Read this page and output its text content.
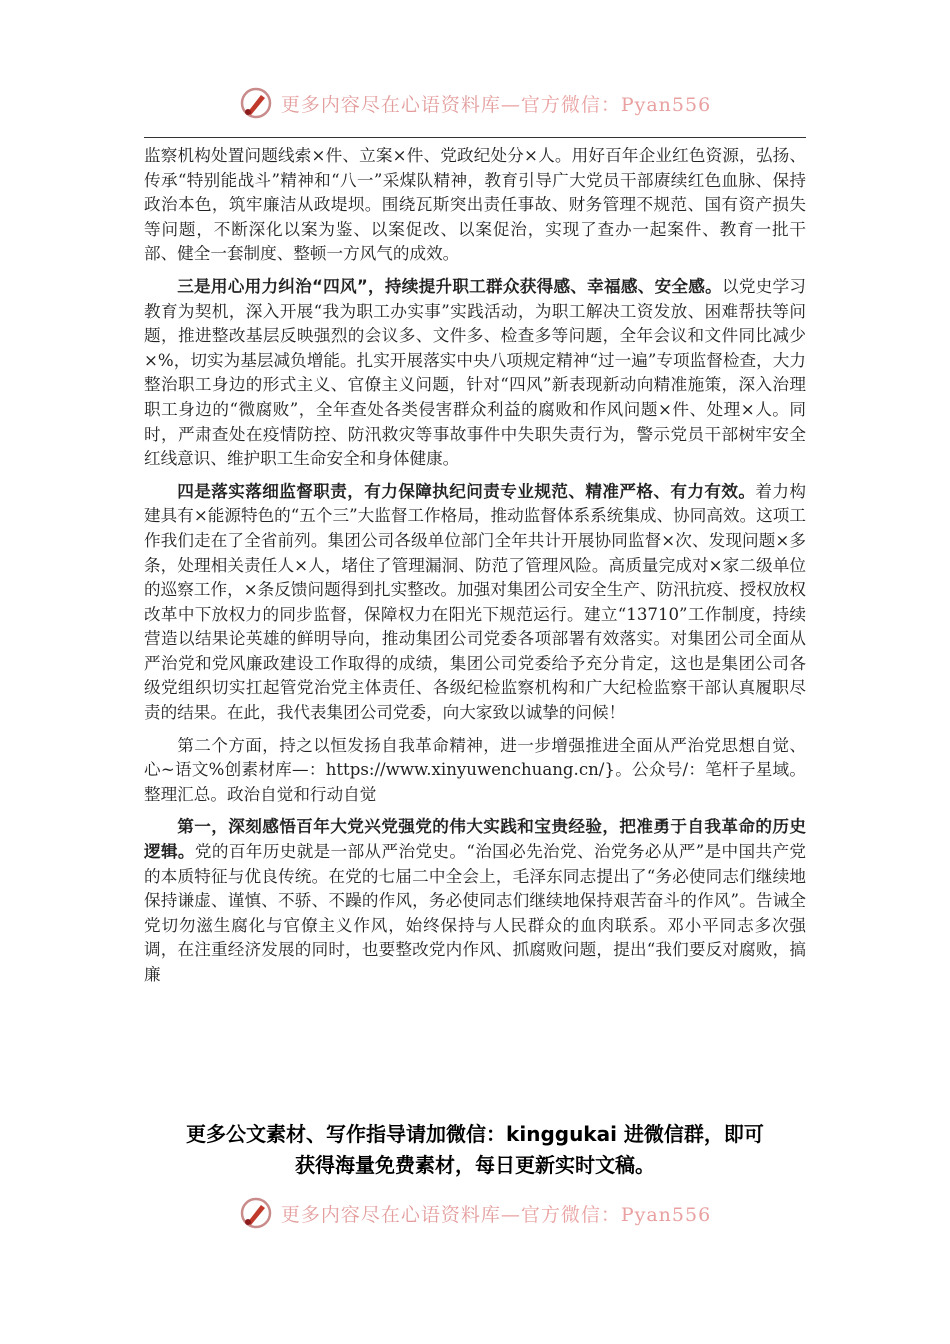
更多内容尽在心语资料库—官方微信：Pyan556

监察机构处置问题线索×件、立案×件、党政纪处分×人。用好百年企业红色资源，弘扬、传承“特别能战斗”精神和“八一”采煤队精神，教育引导广大党员干部赓续红色血脉、保持政治本色，筑牢廉洁从政堤坝。围绕瓦斯突出责任事故、财务管理不规范、国有资产损失等问题，不断深化以案为鉴、以案促改、以案促治，实现了查办一起案件、教育一批干部、健全一套制度、整顿一方风气的成效。

三是用心用力纠治“四风”，持续提升职工群众获得感、幸福感、安全感。以党史学习教育为契机，深入开展“我为职工办实事”实践活动，为职工解决工资发放、困难帮扶等问题，推进整改基层反映强烈的会议多、文件多、检查多等问题，全年会议和文件同比减少×%，切实为基层减负增能。扎实开展落实中央八项规定精神“过一遍”专项监督检查，大力整治职工身边的形式主义、官僚主义问题，针对“四风”新表现新动向精准施策，深入治理职工身边的“微腐败”，全年查处各类侵害群众利益的腐败和作风问题×件、处理×人。同时，严肃查处在疫情防控、防汛救灾等事故事件中失职失责行为，警示党员干部树牢安全红线意识、维护职工生命安全和身体健康。

四是落实落细监督职责，有力保障执纪问责专业规范、精准严格、有力有效。着力构建具有×能源特色的“五个三”大监督工作格局，推动监督体系系统集成、协同高效。这项工作我们走在了全省前列。集团公司各级单位部门全年共计开展协同监督×次、发现问题×多条，处理相关责任人×人，堵住了管理漏洞、防范了管理风险。高质量完成对×家二级单位的巡察工作，×条反馈问题得到扎实整改。加强对集团公司安全生产、防汛抗疫、授权放权改革中下放权力的同步监督，保障权力在阳光下规范运行。建立“13710”工作制度，持续营造以结果论英雄的鲜明导向，推动集团公司党委各项部署有效落实。对集团公司全面从严治党和党风廉政建设工作取得的成绩，集团公司党委给予充分肯定，这也是集团公司各级党组织切实扛起管党治党主体责任、各级纪检监察机构和广大纪检监察干部认真履职尽责的结果。在此，我代表集团公司党委，向大家致以诚挚的问候！

第二个方面，持之以恒发扬自我革命精神，进一步增强推进全面从严治党思想自觉、心~语文%创素材库—：https://www.xinyuwenchuang.cn/}。公众号/：笔杆子星域。整理汇总。政治自觉和行动自觉

第一，深刻感悟百年大党兴党强党的伟大实践和宝贵经验，把准勇于自我革命的历史逻辑。党的百年历史就是一部从严治党史。“治国必先治党、治党务必从严”是中国共产党的本质特征与优良传统。在党的七届二中全会上，毛泽东同志提出了“务必使同志们继续地保持谦虚、谨慎、不骄、不躁的作风，务必使同志们继续地保持艰苦奋斗的作风”。告诫全党切勿滋生腐化与官僚主义作风，始终保持与人民群众的血肉联系。邓小平同志多次强调，在注重经济发展的同时，也要整改党内作风、抓腐败问题，提出“我们要反对腐败，搞廉

更多公文素材、写作指导请加微信：kinggukai 进微信群，即可
获得海量免费素材，每日更新实时文稿。
更多内容尽在心语资料库—官方微信：Pyan556
